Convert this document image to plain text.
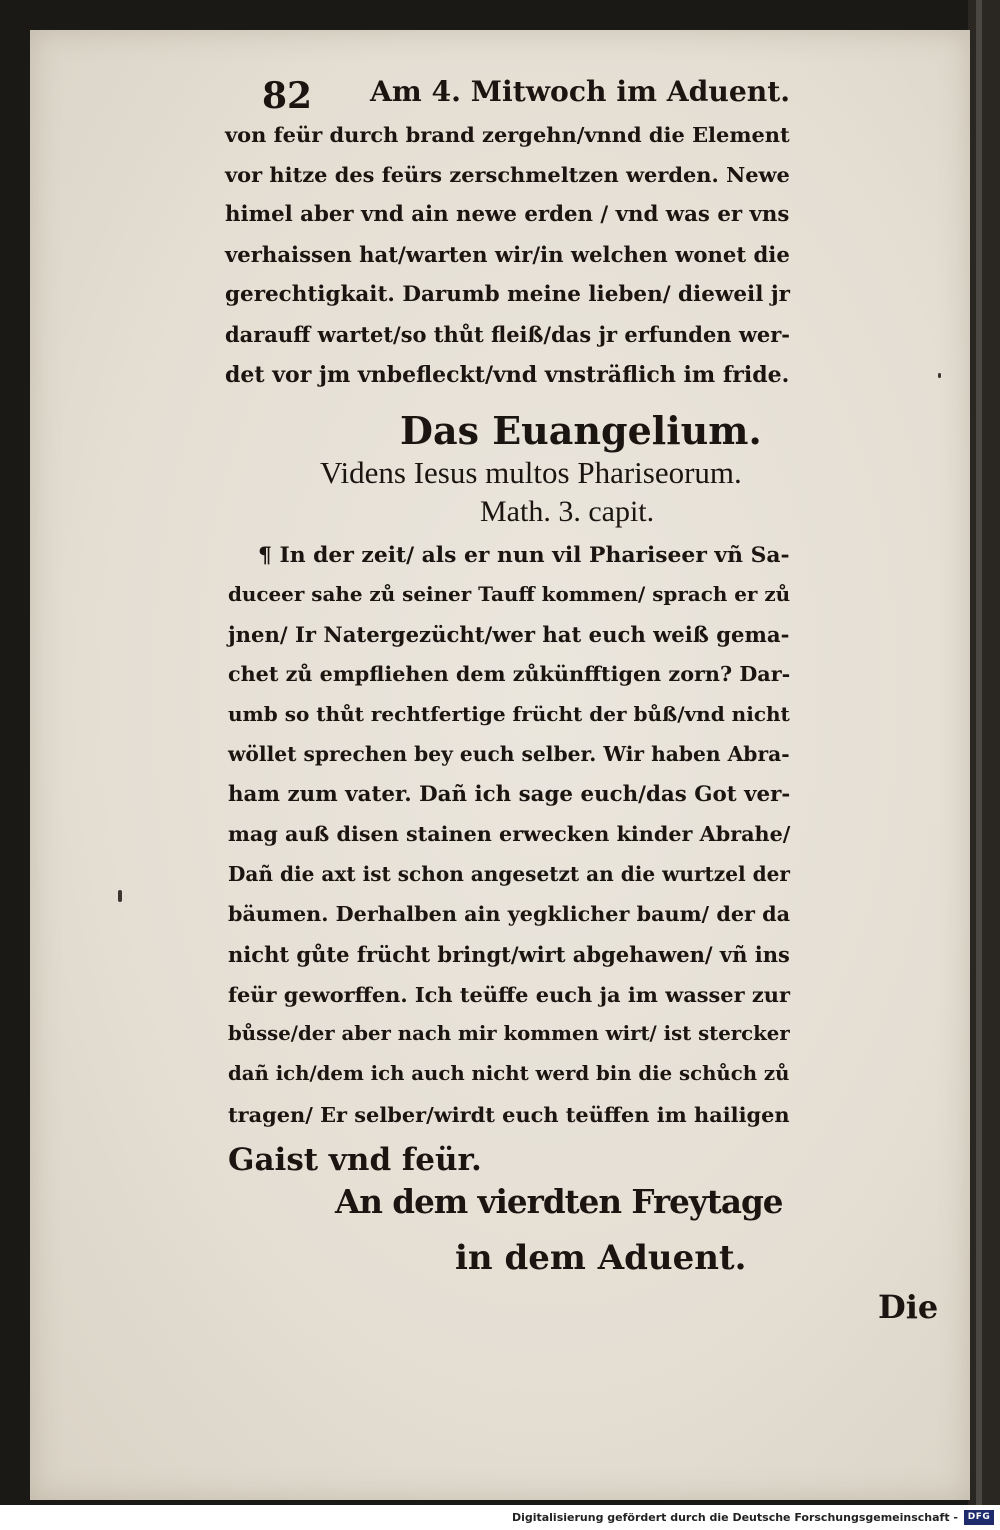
82 Am 4. Mitwoch im Aduent.
von feür durch brand zergehn/vnnd die Element
vor hitze des feürs zerschmeltzen werden. Newe
himel aber vnd ain newe erden / vnd was er vns
verhaissen hat/warten wir/in welchen wonet die
gerechtigkait. Darumb meine lieben/ dieweil jr
darauff wartet/so thůt fleiß/das jr erfunden wer-
det vor jm vnbefleckt/vnd vnsträflich im fride.
Das Euangelium.
Videns Iesus multos Phariseorum.
Math. 3. capit.
¶ In der zeit/ als er nun vil Phariseer vñ Sa-
duceer sahe zů seiner Tauff kommen/ sprach er zů
jnen/ Ir Natergezücht/wer hat euch weiß gema-
chet zů empfliehen dem zůkünfftigen zorn? Dar-
umb so thůt rechtfertige frücht der bůß/vnd nicht
wöllet sprechen bey euch selber. Wir haben Abra-
ham zum vater. Dañ ich sage euch/das Got ver-
mag auß disen stainen erwecken kinder Abrahe/
Dañ die axt ist schon angesetzt an die wurtzel der
bäumen. Derhalben ain yegklicher baum/ der da
nicht gůte frücht bringt/wirt abgehawen/ vñ ins
feür geworffen. Ich teüffe euch ja im wasser zur
bůsse/der aber nach mir kommen wirt/ ist stercker
dañ ich/dem ich auch nicht werd bin die schůch zů
tragen/ Er selber/wirdt euch teüffen im hailigen
Gaist vnd feür.
An dem vierdten Freytage
in dem Aduent.
Die
Digitalisierung gefördert durch die Deutsche Forschungsgemeinschaft -	DFG
